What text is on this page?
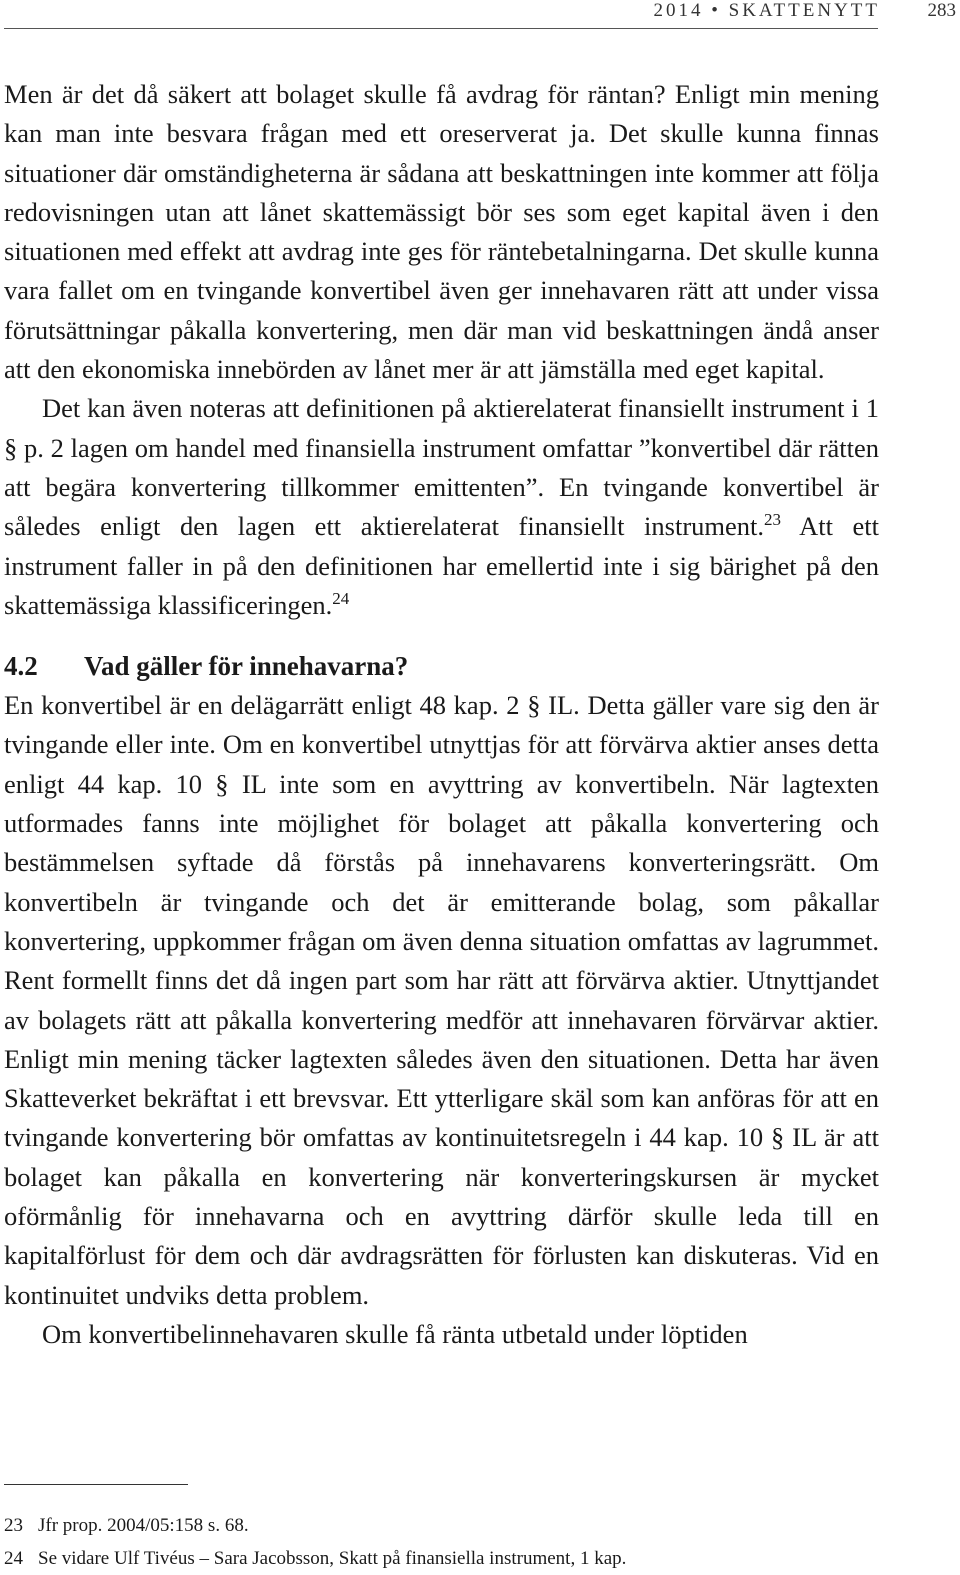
2014 • SKATTENYTT	283

Men är det då säkert att bolaget skulle få avdrag för räntan? Enligt min mening kan man inte besvara frågan med ett oreserverat ja. Det skulle kunna finnas situationer där omständigheterna är sådana att beskattningen inte kommer att följa redovisningen utan att lånet skattemässigt bör ses som eget kapital även i den situationen med effekt att avdrag inte ges för räntebetalningarna. Det skulle kunna vara fallet om en tvingande konvertibel även ger innehavaren rätt att under vissa förutsättningar påkalla konvertering, men där man vid beskattningen ändå anser att den ekonomiska innebörden av lånet mer är att jämställa med eget kapital.

Det kan även noteras att definitionen på aktierelaterat finansiellt instrument i 1 § p. 2 lagen om handel med finansiella instrument omfattar ”konvertibel där rätten att begära konvertering tillkommer emittenten”. En tvingande konvertibel är således enligt den lagen ett aktierelaterat finansiellt instrument.$^{23}$ Att ett instrument faller in på den definitionen har emellertid inte i sig bärighet på den skattemässiga klassificeringen.$^{24}$

4.2 Vad gäller för innehavarna?

En konvertibel är en delägarrätt enligt 48 kap. 2 § IL. Detta gäller vare sig den är tvingande eller inte. Om en konvertibel utnyttjas för att förvärva aktier anses detta enligt 44 kap. 10 § IL inte som en avyttring av konvertibeln. När lagtexten utformades fanns inte möjlighet för bolaget att påkalla konvertering och bestämmelsen syftade då förstås på innehavarens konverteringsrätt. Om konvertibeln är tvingande och det är emitterande bolag, som påkallar konvertering, uppkommer frågan om även denna situation omfattas av lagrummet. Rent formellt finns det då ingen part som har rätt att förvärva aktier. Utnyttjandet av bolagets rätt att påkalla konvertering medför att innehavaren förvärvar aktier. Enligt min mening täcker lagtexten således även den situationen. Detta har även Skatteverket bekräftat i ett brevsvar. Ett ytterligare skäl som kan anföras för att en tvingande konvertering bör omfattas av kontinuitetsregeln i 44 kap. 10 § IL är att bolaget kan påkalla en konvertering när konverteringskursen är mycket oförmånlig för innehavarna och en avyttring därför skulle leda till en kapitalförlust för dem och där avdragsrätten för förlusten kan diskuteras. Vid en kontinuitet undviks detta problem.

Om konvertibelinnehavaren skulle få ränta utbetald under löptiden

23 Jfr prop. 2004/05:158 s. 68.
24 Se vidare Ulf Tivéus – Sara Jacobsson, Skatt på finansiella instrument, 1 kap.
